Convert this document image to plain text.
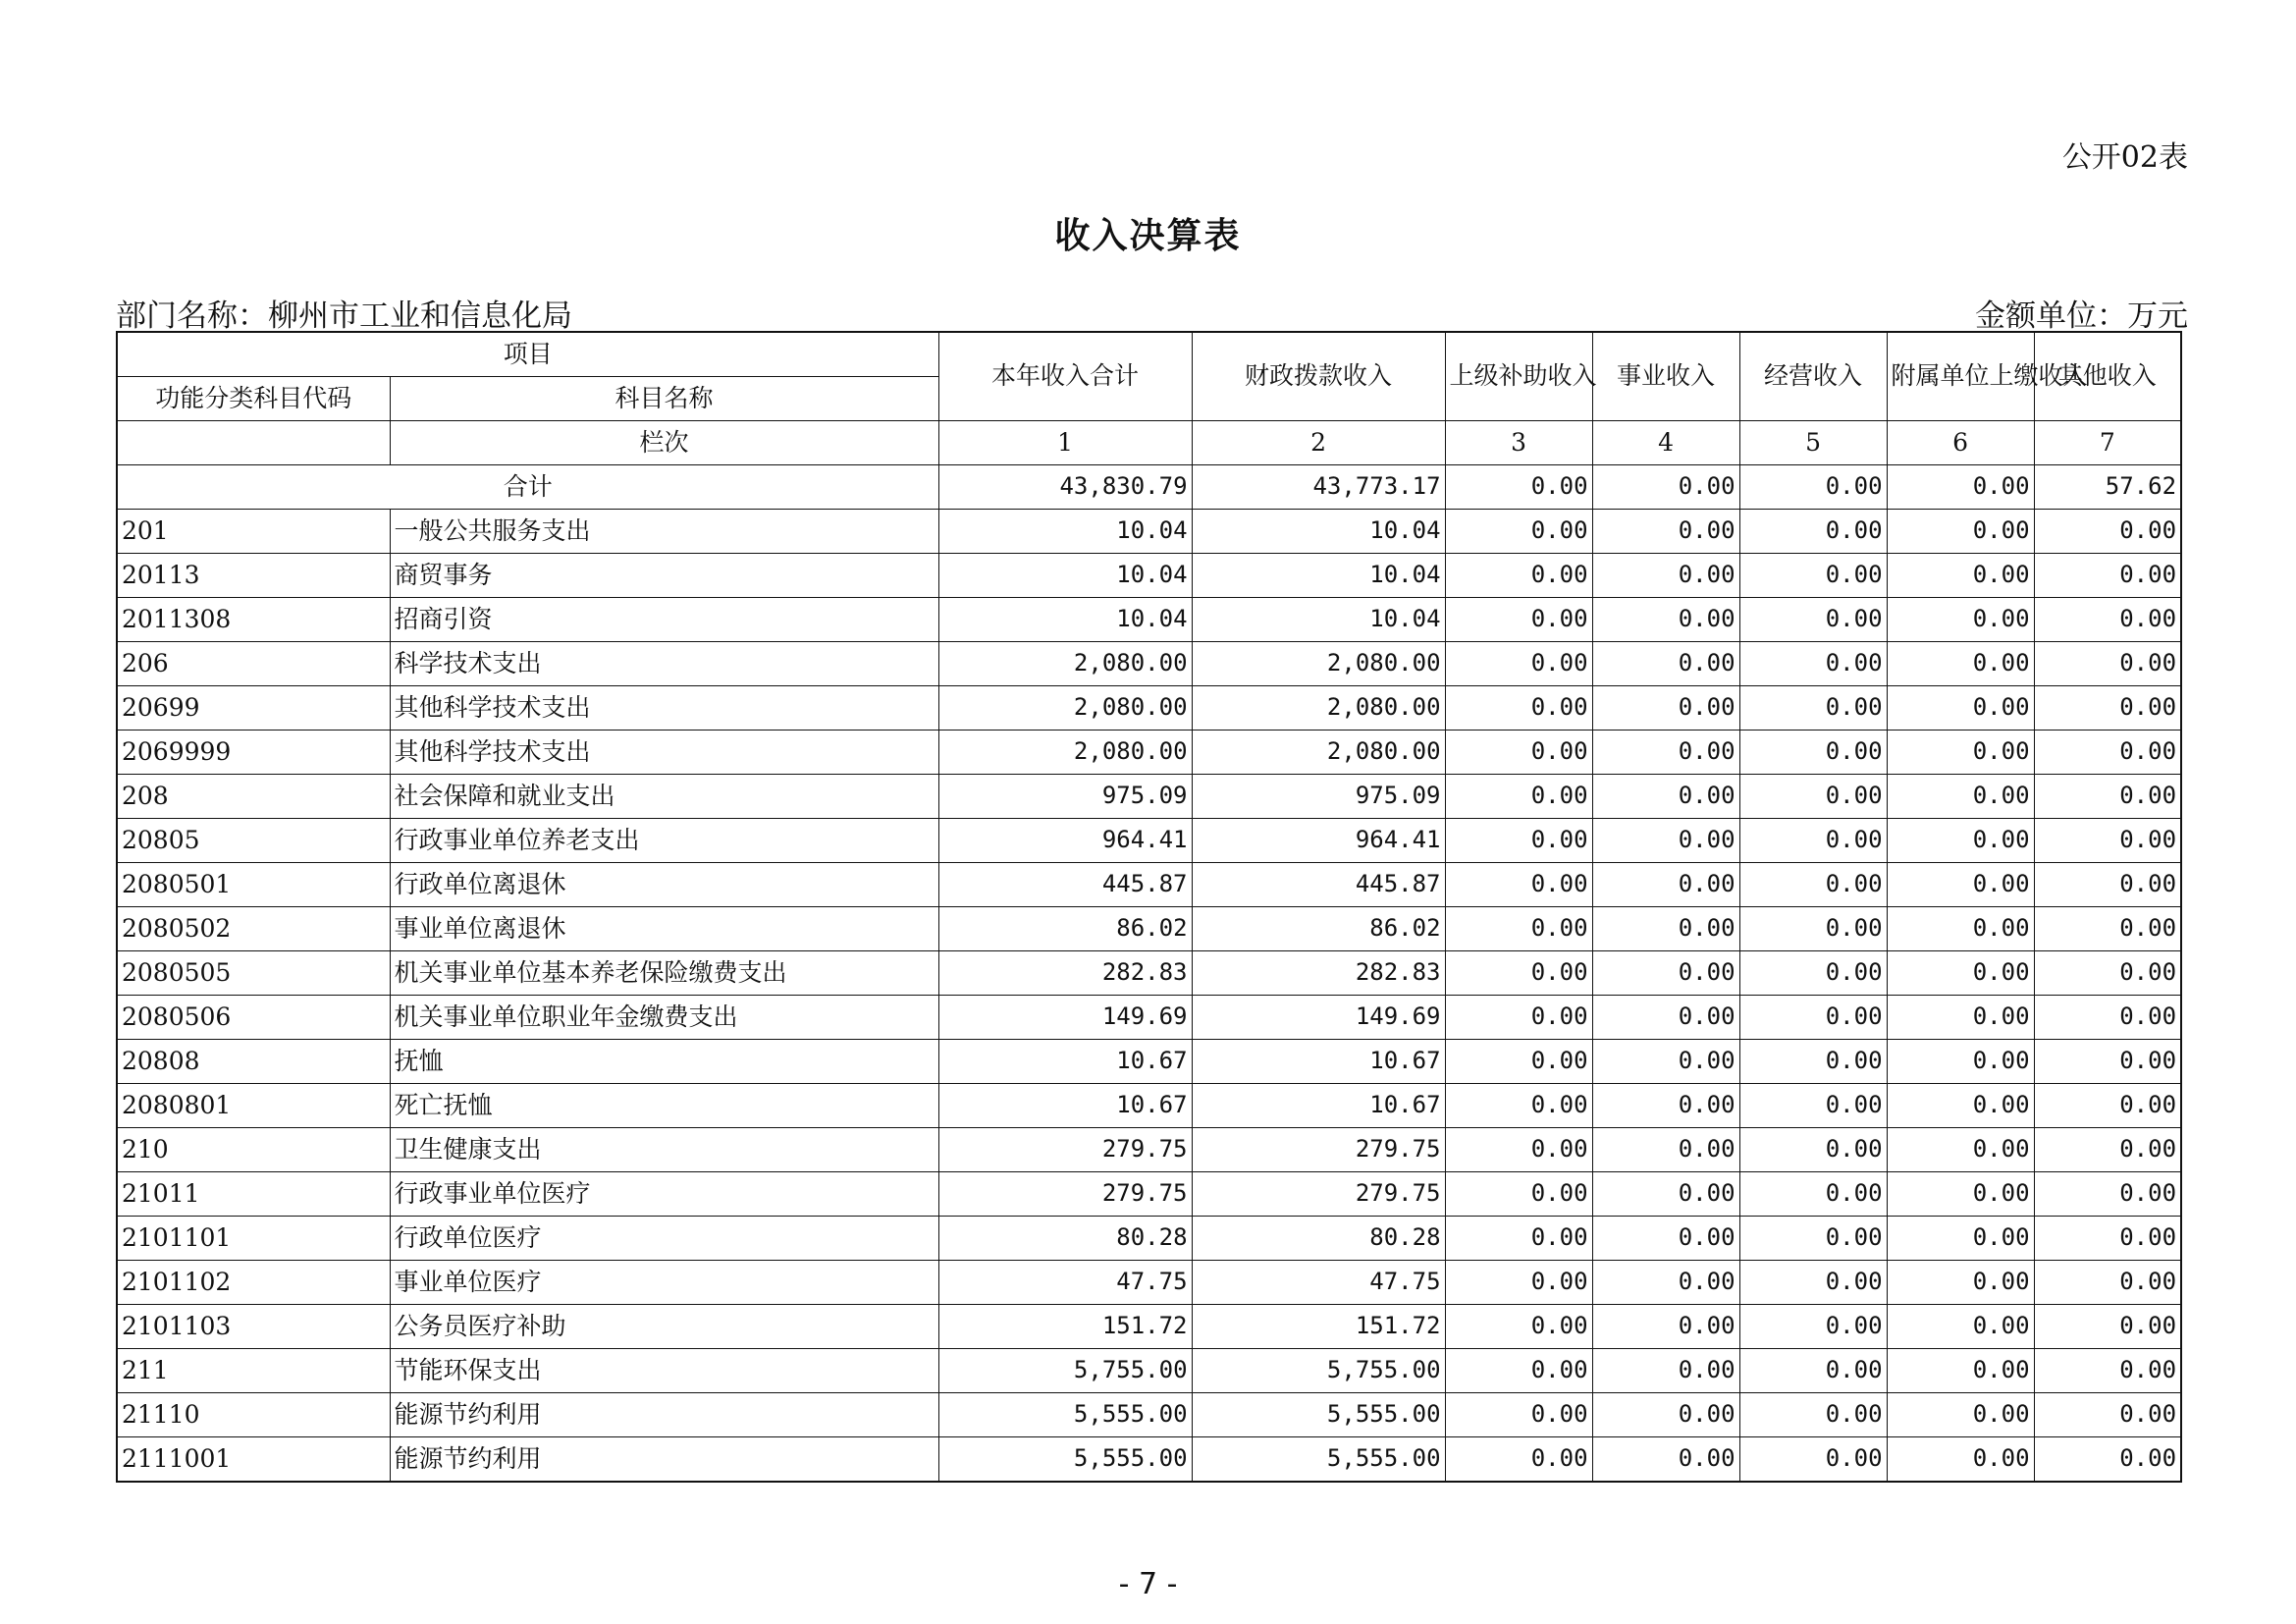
公开02表
收入决算表
部门名称：柳州市工业和信息化局	金额单位：万元
项目		本年收入合计	财政拨款收入	上级补助收入	事业收入	经营收入	附属单位上缴收入	其他收入
功能分类科目代码	科目名称							
	栏次	1	2	3	4	5	6	7
合计		43,830.79	43,773.17	0.00	0.00	0.00	0.00	57.62
201	一般公共服务支出	10.04	10.04	0.00	0.00	0.00	0.00	0.00
20113	商贸事务	10.04	10.04	0.00	0.00	0.00	0.00	0.00
2011308	招商引资	10.04	10.04	0.00	0.00	0.00	0.00	0.00
206	科学技术支出	2,080.00	2,080.00	0.00	0.00	0.00	0.00	0.00
20699	其他科学技术支出	2,080.00	2,080.00	0.00	0.00	0.00	0.00	0.00
2069999	其他科学技术支出	2,080.00	2,080.00	0.00	0.00	0.00	0.00	0.00
208	社会保障和就业支出	975.09	975.09	0.00	0.00	0.00	0.00	0.00
20805	行政事业单位养老支出	964.41	964.41	0.00	0.00	0.00	0.00	0.00
2080501	行政单位离退休	445.87	445.87	0.00	0.00	0.00	0.00	0.00
2080502	事业单位离退休	86.02	86.02	0.00	0.00	0.00	0.00	0.00
2080505	机关事业单位基本养老保险缴费支出	282.83	282.83	0.00	0.00	0.00	0.00	0.00
2080506	机关事业单位职业年金缴费支出	149.69	149.69	0.00	0.00	0.00	0.00	0.00
20808	抚恤	10.67	10.67	0.00	0.00	0.00	0.00	0.00
2080801	死亡抚恤	10.67	10.67	0.00	0.00	0.00	0.00	0.00
210	卫生健康支出	279.75	279.75	0.00	0.00	0.00	0.00	0.00
21011	行政事业单位医疗	279.75	279.75	0.00	0.00	0.00	0.00	0.00
2101101	行政单位医疗	80.28	80.28	0.00	0.00	0.00	0.00	0.00
2101102	事业单位医疗	47.75	47.75	0.00	0.00	0.00	0.00	0.00
2101103	公务员医疗补助	151.72	151.72	0.00	0.00	0.00	0.00	0.00
211	节能环保支出	5,755.00	5,755.00	0.00	0.00	0.00	0.00	0.00
21110	能源节约利用	5,555.00	5,555.00	0.00	0.00	0.00	0.00	0.00
2111001	能源节约利用	5,555.00	5,555.00	0.00	0.00	0.00	0.00	0.00
- 7 -
